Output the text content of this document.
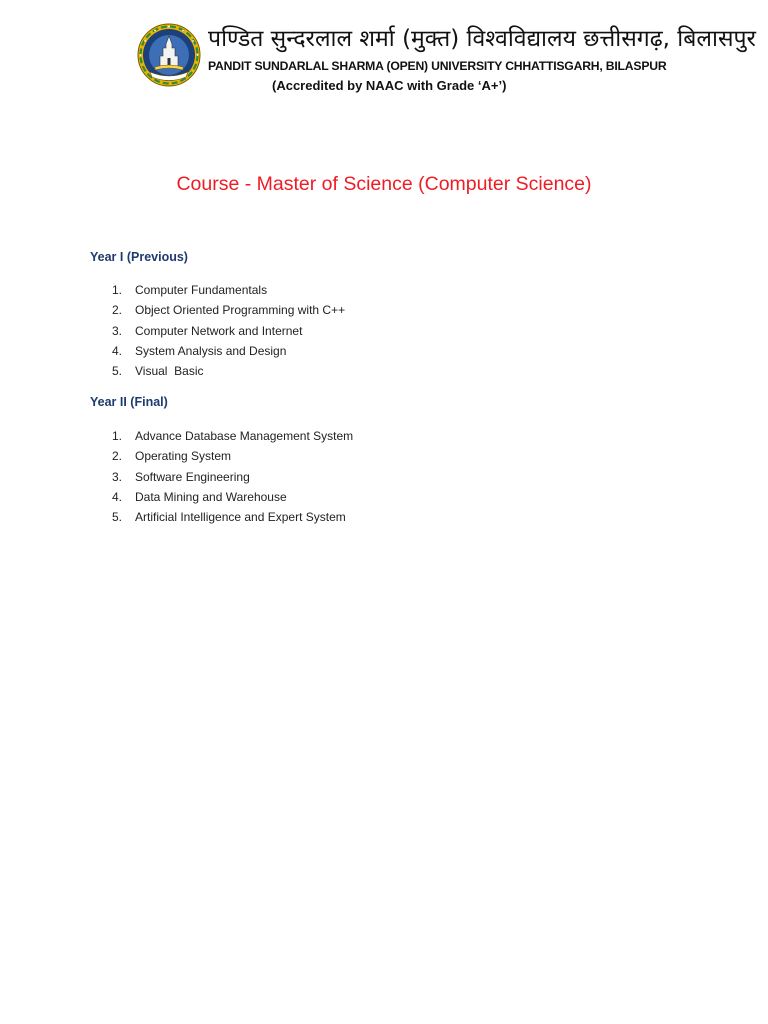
पण्डित सुन्दरलाल शर्मा (मुक्त) विश्वविद्यालय छत्तीसगढ़, बिलासपुर
PANDIT SUNDARLAL SHARMA (OPEN) UNIVERSITY CHHATTISGARH, BILASPUR
(Accredited by NAAC with Grade ‘A+’)
Course - Master of Science (Computer Science)
Year I (Previous)
1. Computer Fundamentals
2. Object Oriented Programming with C++
3. Computer Network and Internet
4. System Analysis and Design
5. Visual  Basic
Year II (Final)
1. Advance Database Management System
2. Operating System
3. Software Engineering
4. Data Mining and Warehouse
5. Artificial Intelligence and Expert System
